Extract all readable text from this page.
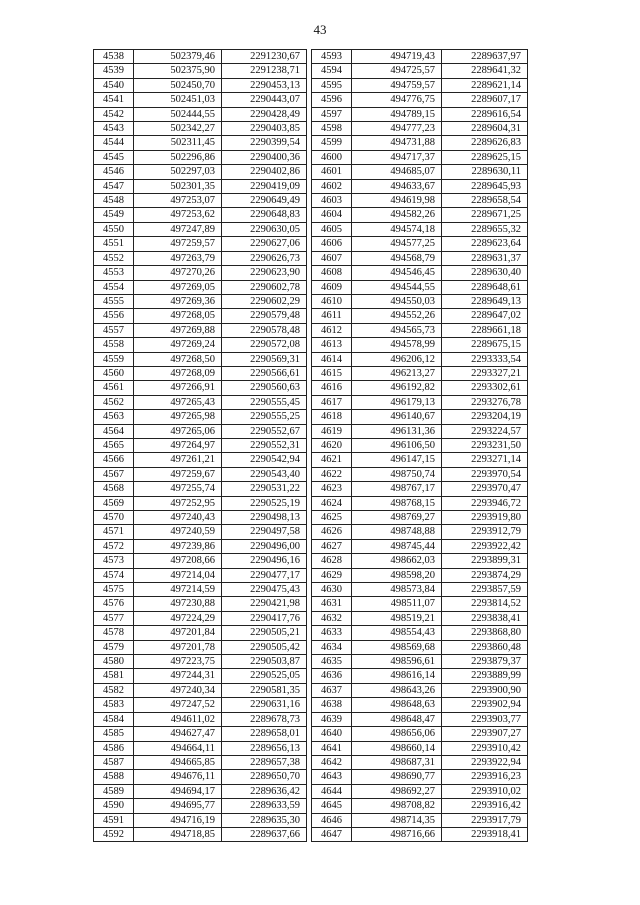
43
4538	502379,46	2291230,67
4539	502375,90	2291238,71
4540	502450,70	2290453,13
4541	502451,03	2290443,07
4542	502444,55	2290428,49
4543	502342,27	2290403,85
4544	502311,45	2290399,54
4545	502296,86	2290400,36
4546	502297,03	2290402,86
4547	502301,35	2290419,09
4548	497253,07	2290649,49
4549	497253,62	2290648,83
4550	497247,89	2290630,05
4551	497259,57	2290627,06
4552	497263,79	2290626,73
4553	497270,26	2290623,90
4554	497269,05	2290602,78
4555	497269,36	2290602,29
4556	497268,05	2290579,48
4557	497269,88	2290578,48
4558	497269,24	2290572,08
4559	497268,50	2290569,31
4560	497268,09	2290566,61
4561	497266,91	2290560,63
4562	497265,43	2290555,45
4563	497265,98	2290555,25
4564	497265,06	2290552,67
4565	497264,97	2290552,31
4566	497261,21	2290542,94
4567	497259,67	2290543,40
4568	497255,74	2290531,22
4569	497252,95	2290525,19
4570	497240,43	2290498,13
4571	497240,59	2290497,58
4572	497239,86	2290496,00
4573	497208,66	2290496,16
4574	497214,04	2290477,17
4575	497214,59	2290475,43
4576	497230,88	2290421,98
4577	497224,29	2290417,76
4578	497201,84	2290505,21
4579	497201,78	2290505,42
4580	497223,75	2290503,87
4581	497244,31	2290525,05
4582	497240,34	2290581,35
4583	497247,52	2290631,16
4584	494611,02	2289678,73
4585	494627,47	2289658,01
4586	494664,11	2289656,13
4587	494665,85	2289657,38
4588	494676,11	2289650,70
4589	494694,17	2289636,42
4590	494695,77	2289633,59
4591	494716,19	2289635,30
4592	494718,85	2289637,66
4593	494719,43	2289637,97
4594	494725,57	2289641,32
4595	494759,57	2289621,14
4596	494776,75	2289607,17
4597	494789,15	2289616,54
4598	494777,23	2289604,31
4599	494731,88	2289626,83
4600	494717,37	2289625,15
4601	494685,07	2289630,11
4602	494633,67	2289645,93
4603	494619,98	2289658,54
4604	494582,26	2289671,25
4605	494574,18	2289655,32
4606	494577,25	2289623,64
4607	494568,79	2289631,37
4608	494546,45	2289630,40
4609	494544,55	2289648,61
4610	494550,03	2289649,13
4611	494552,26	2289647,02
4612	494565,73	2289661,18
4613	494578,99	2289675,15
4614	496206,12	2293333,54
4615	496213,27	2293327,21
4616	496192,82	2293302,61
4617	496179,13	2293276,78
4618	496140,67	2293204,19
4619	496131,36	2293224,57
4620	496106,50	2293231,50
4621	496147,15	2293271,14
4622	498750,74	2293970,54
4623	498767,17	2293970,47
4624	498768,15	2293946,72
4625	498769,27	2293919,80
4626	498748,88	2293912,79
4627	498745,44	2293922,42
4628	498662,03	2293899,31
4629	498598,20	2293874,29
4630	498573,84	2293857,59
4631	498511,07	2293814,52
4632	498519,21	2293838,41
4633	498554,43	2293868,80
4634	498569,68	2293860,48
4635	498596,61	2293879,37
4636	498616,14	2293889,99
4637	498643,26	2293900,90
4638	498648,63	2293902,94
4639	498648,47	2293903,77
4640	498656,06	2293907,27
4641	498660,14	2293910,42
4642	498687,31	2293922,94
4643	498690,77	2293916,23
4644	498692,27	2293910,02
4645	498708,82	2293916,42
4646	498714,35	2293917,79
4647	498716,66	2293918,41
